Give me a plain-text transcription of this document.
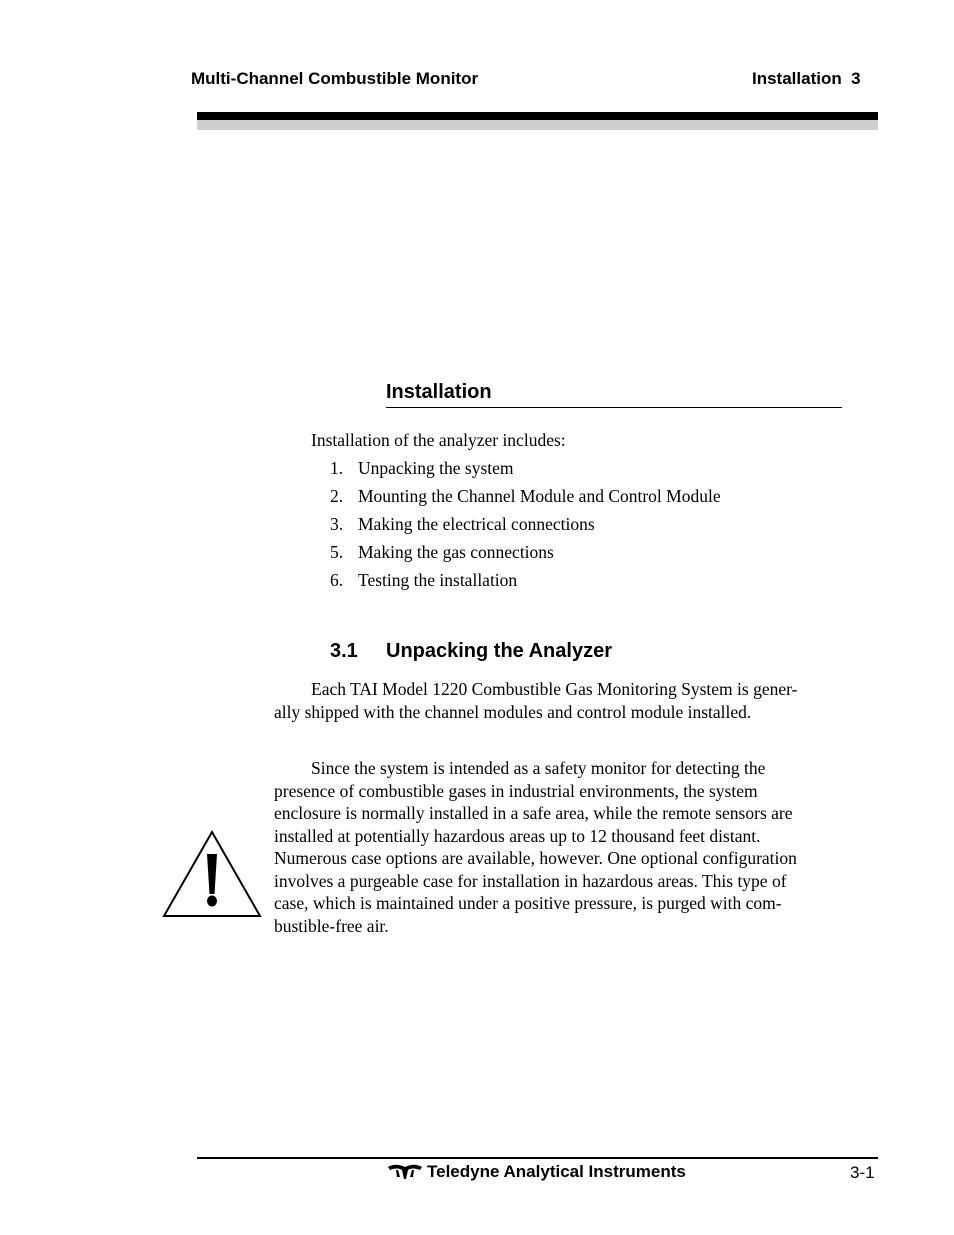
Multi-Channel Combustible Monitor	Installation  3
Installation
Installation of the analyzer includes:
1. Unpacking the system
2. Mounting the Channel Module and Control Module
3. Making the electrical connections
5. Making the gas connections
6. Testing the installation
3.1 Unpacking the Analyzer

Each TAI Model 1220 Combustible Gas Monitoring System is gener-

ally shipped with the channel modules and control module installed.

Since the system is intended as a safety monitor for detecting the

presence of combustible gases in industrial environments, the system

enclosure is normally installed in a safe area, while the remote sensors are

installed at potentially hazardous areas up to 12 thousand feet distant.

Numerous case options are available, however. One optional configuration

involves a purgeable case for installation in hazardous areas. This type of

case, which is maintained under a positive pressure, is purged with com-

bustible-free air.

Teledyne Analytical Instruments	3-1
